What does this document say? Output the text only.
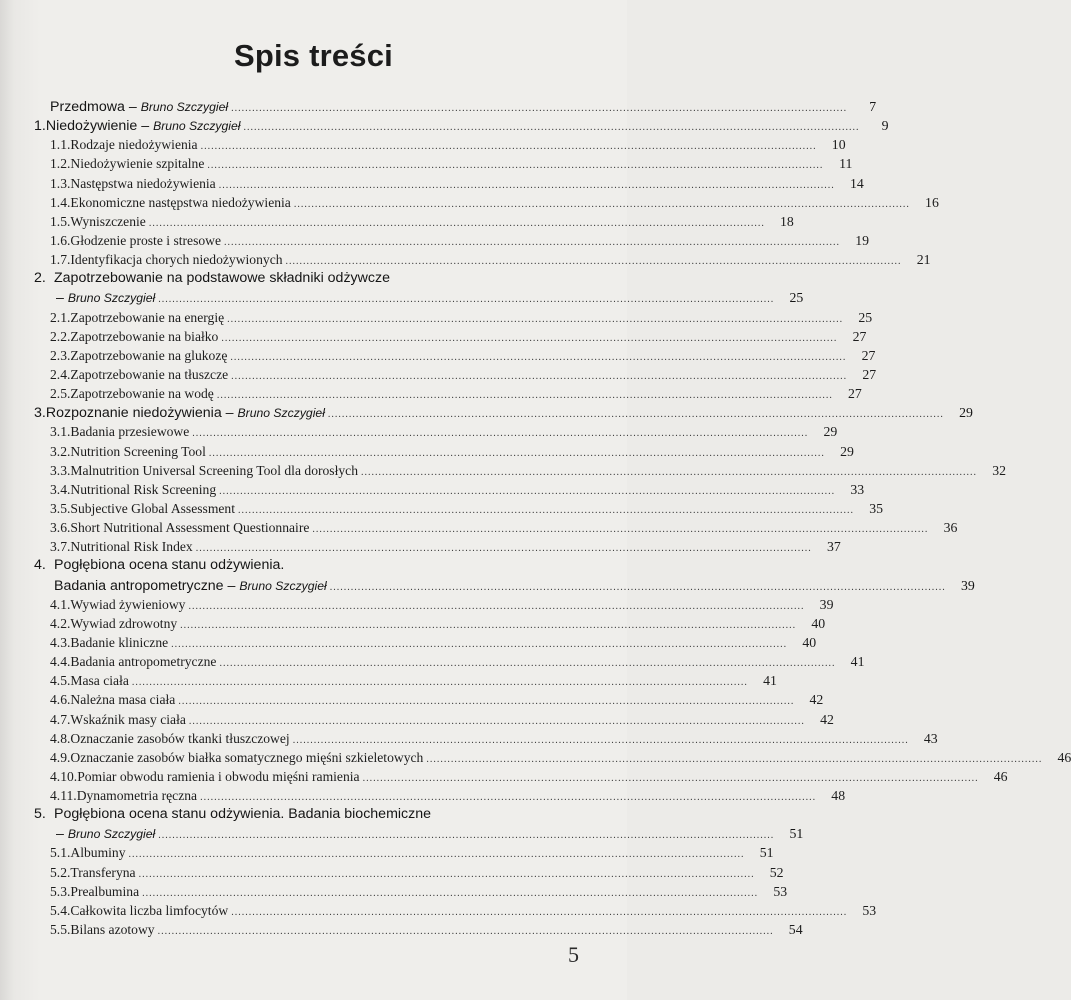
Spis treści
Przedmowa – Bruno Szczygieł .....	7
1. Niedożywienie – Bruno Szczygieł .....	9
1.1. Rodzaje niedożywienia .....	10
1.2. Niedożywienie szpitalne .....	11
1.3. Następstwa niedożywienia .....	14
1.4. Ekonomiczne następstwa niedożywienia .....	16
1.5. Wyniszczenie .....	18
1.6. Głodzenie proste i stresowe .....	19
1.7. Identyfikacja chorych niedożywionych .....	21
2. Zapotrzebowanie na podstawowe składniki odżywcze
– Bruno Szczygieł .....	25
2.1. Zapotrzebowanie na energię .....	25
2.2. Zapotrzebowanie na białko .....	27
2.3. Zapotrzebowanie na glukozę .....	27
2.4. Zapotrzebowanie na tłuszcze .....	27
2.5. Zapotrzebowanie na wodę .....	27
3. Rozpoznanie niedożywienia – Bruno Szczygieł .....	29
3.1. Badania przesiewowe .....	29
3.2. Nutrition Screening Tool .....	29
3.3. Malnutrition Universal Screening Tool dla dorosłych .....	32
3.4. Nutritional Risk Screening .....	33
3.5. Subjective Global Assessment .....	35
3.6. Short Nutritional Assessment Questionnaire .....	36
3.7. Nutritional Risk Index .....	37
4. Pogłębiona ocena stanu odżywienia.
Badania antropometryczne – Bruno Szczygieł .....	39
4.1. Wywiad żywieniowy .....	39
4.2. Wywiad zdrowotny .....	40
4.3. Badanie kliniczne .....	40
4.4. Badania antropometryczne .....	41
4.5. Masa ciała .....	41
4.6. Należna masa ciała .....	42
4.7. Wskaźnik masy ciała .....	42
4.8. Oznaczanie zasobów tkanki tłuszczowej .....	43
4.9. Oznaczanie zasobów białka somatycznego mięśni szkieletowych .....	46
4.10. Pomiar obwodu ramienia i obwodu mięśni ramienia .....	46
4.11. Dynamometria ręczna .....	48
5. Pogłębiona ocena stanu odżywienia. Badania biochemiczne
– Bruno Szczygieł .....	51
5.1. Albuminy .....	51
5.2. Transferyna .....	52
5.3. Prealbumina .....	53
5.4. Całkowita liczba limfocytów .....	53
5.5. Bilans azotowy .....	54
5
